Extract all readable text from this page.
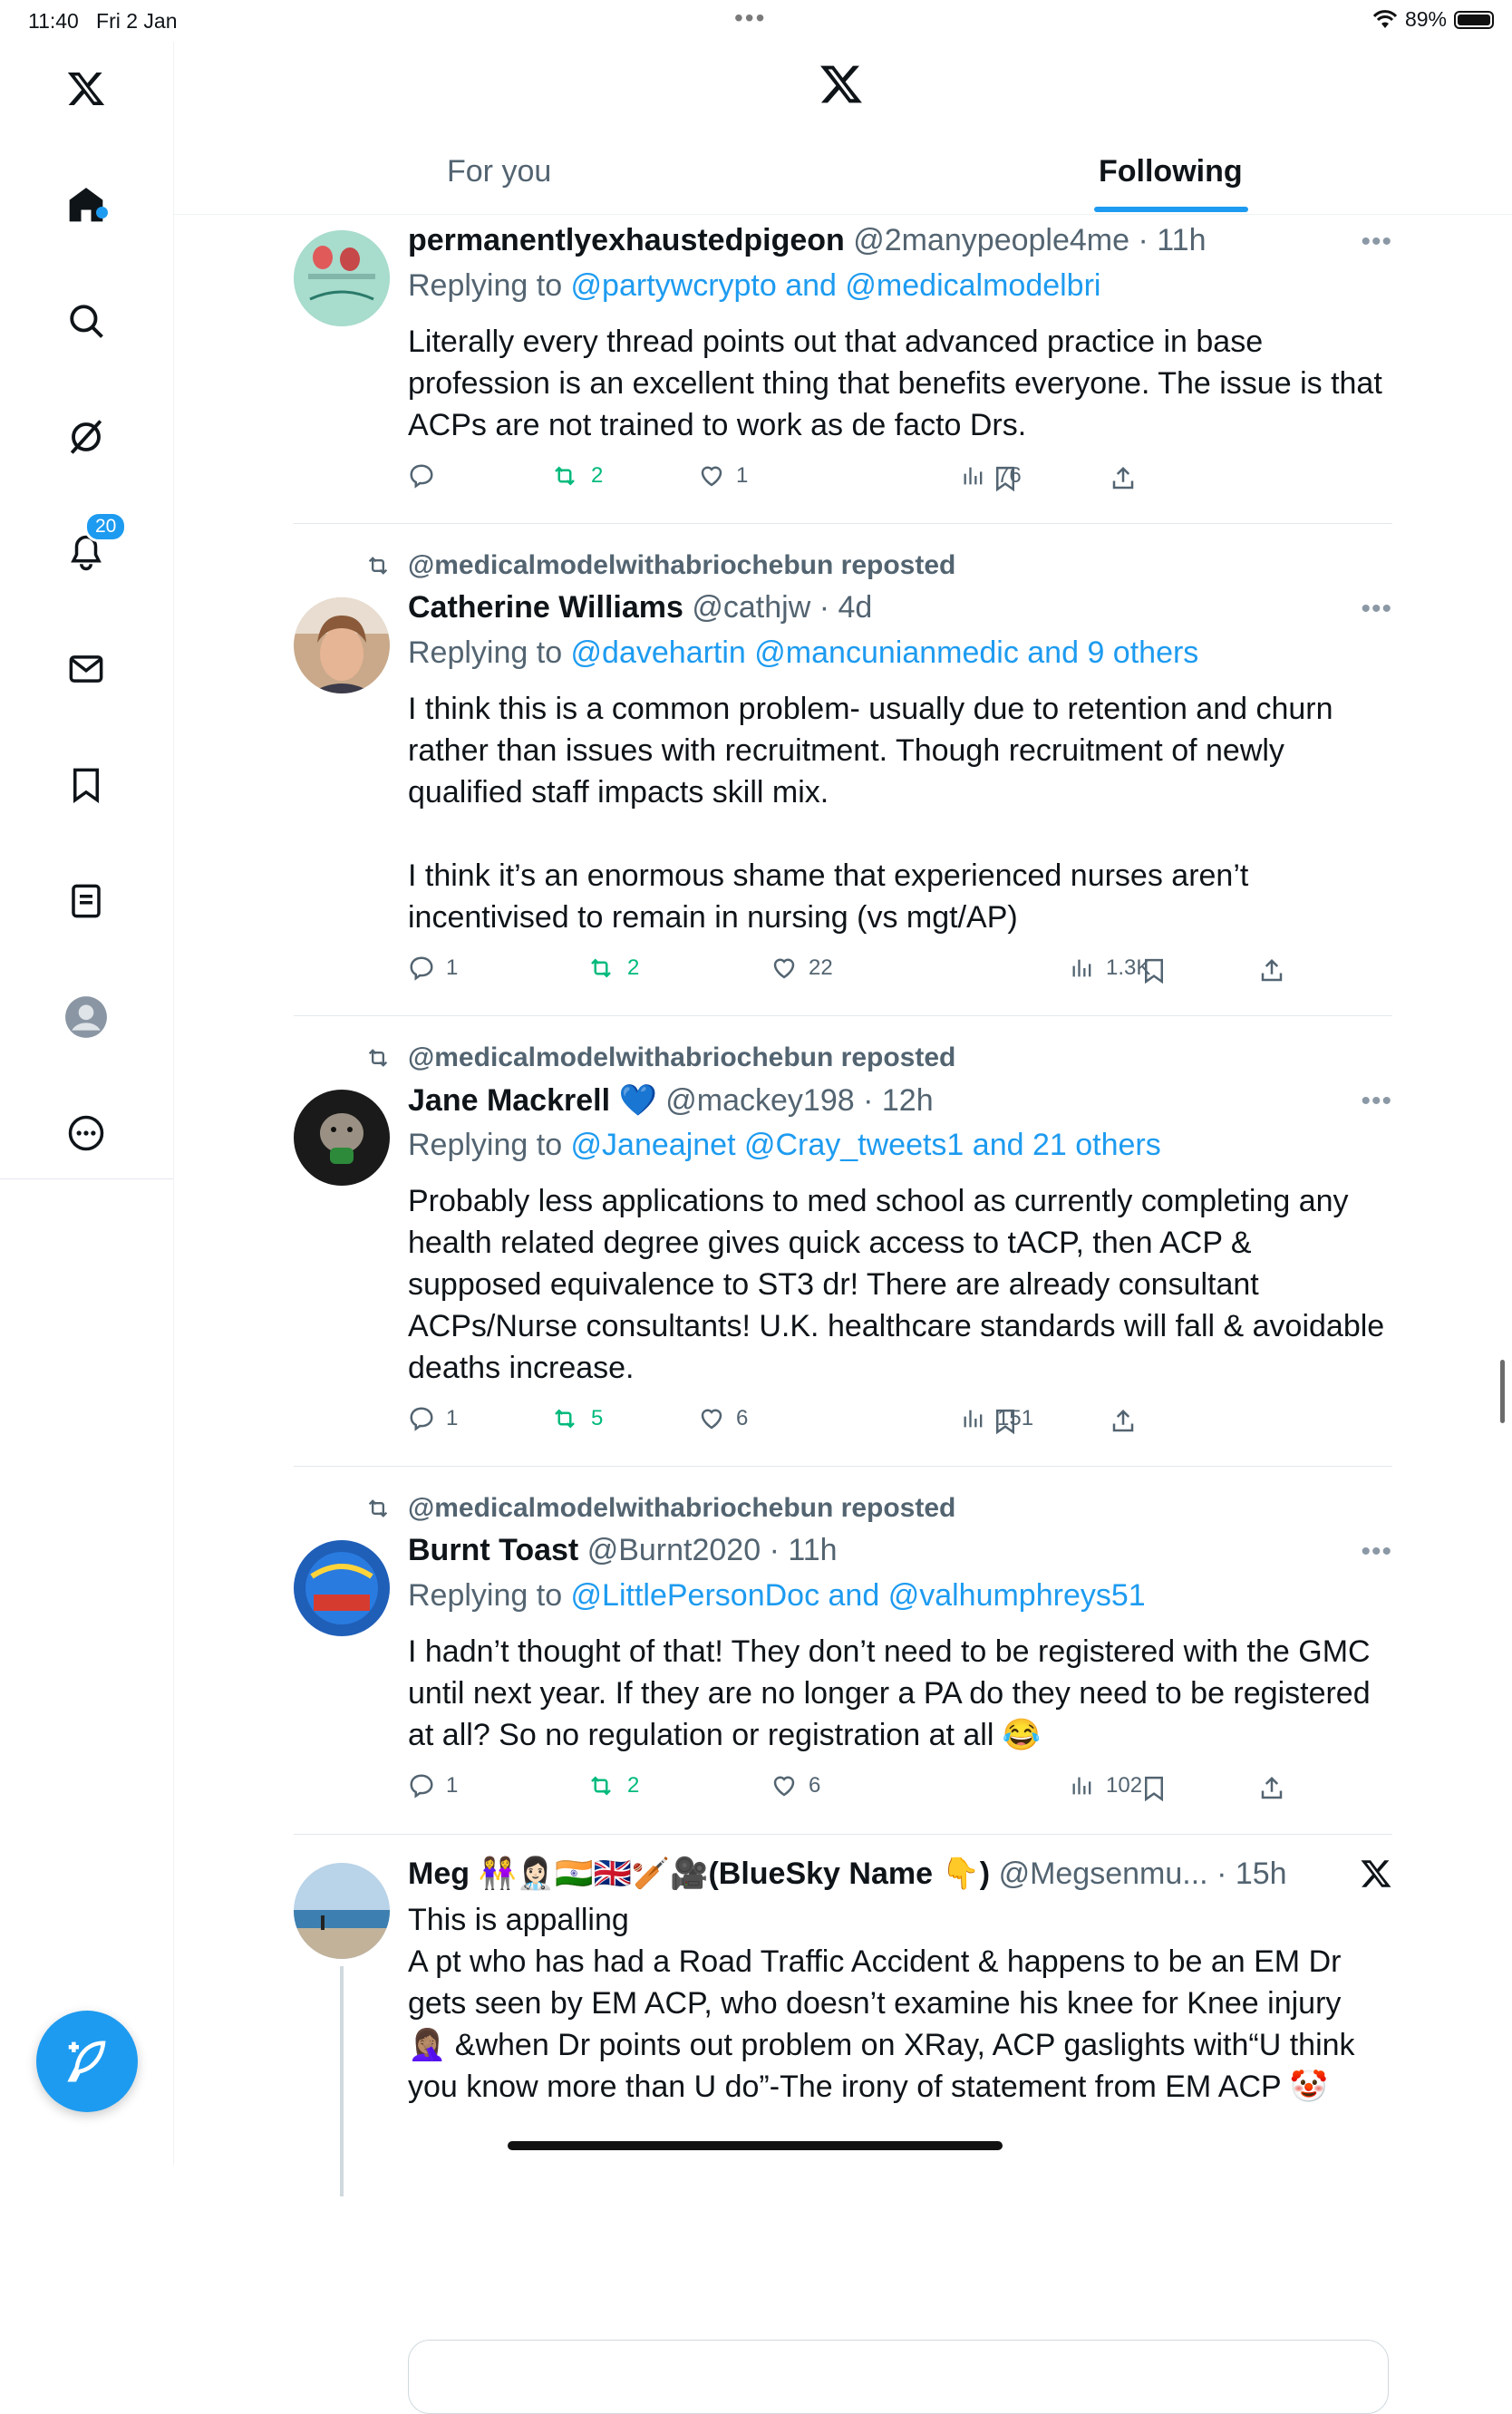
11:40 Fri 2 Jan	•••	89%
20
For you	Following
permanentlyexhaustedpigeon @2manypeople4me · 11h	•••
Replying to @partywcrypto and @medicalmodelbri
Literally every thread points out that advanced practice in base profession is an excellent thing that benefits everyone. The issue is that ACPs are not trained to work as de facto Drs.
2	1	76
@medicalmodelwithabriochebun reposted
Catherine Williams @cathjw · 4d	•••
Replying to @davehartin @mancunianmedic and 9 others
I think this is a common problem- usually due to retention and churn rather than issues with recruitment. Though recruitment of newly qualified staff impacts skill mix.

I think it’s an enormous shame that experienced nurses aren’t incentivised to remain in nursing (vs mgt/AP)
1	2	22	1.3K
@medicalmodelwithabriochebun reposted
Jane Mackrell 💙 @mackey198 · 12h	•••
Replying to @Janeajnet @Cray_tweets1 and 21 others
Probably less applications to med school as currently completing any health related degree gives quick access to tACP, then ACP & supposed equivalence to ST3 dr! There are already consultant ACPs/Nurse consultants! U.K. healthcare standards will fall & avoidable deaths increase.
1	5	6	151
@medicalmodelwithabriochebun reposted
Burnt Toast @Burnt2020 · 11h	•••
Replying to @LittlePersonDoc and @valhumphreys51
I hadn’t thought of that! They don’t need to be registered with the GMC until next year. If they are no longer a PA do they need to be registered at all? So no regulation or registration at all 😂
1	2	6	102
Meg 👭👩🏻‍⚕️🇮🇳🇬🇧🏏🎥(BlueSky Name 👇) @Megsenmu... · 15h
This is appalling
A pt who has had a Road Traffic Accident & happens to be an EM Dr gets seen by EM ACP, who doesn’t examine his knee for Knee injury 🤦🏽‍♀️ &when Dr points out problem on XRay, ACP gaslights with“U think you know more than U do”-The irony of statement from EM ACP 🤡
